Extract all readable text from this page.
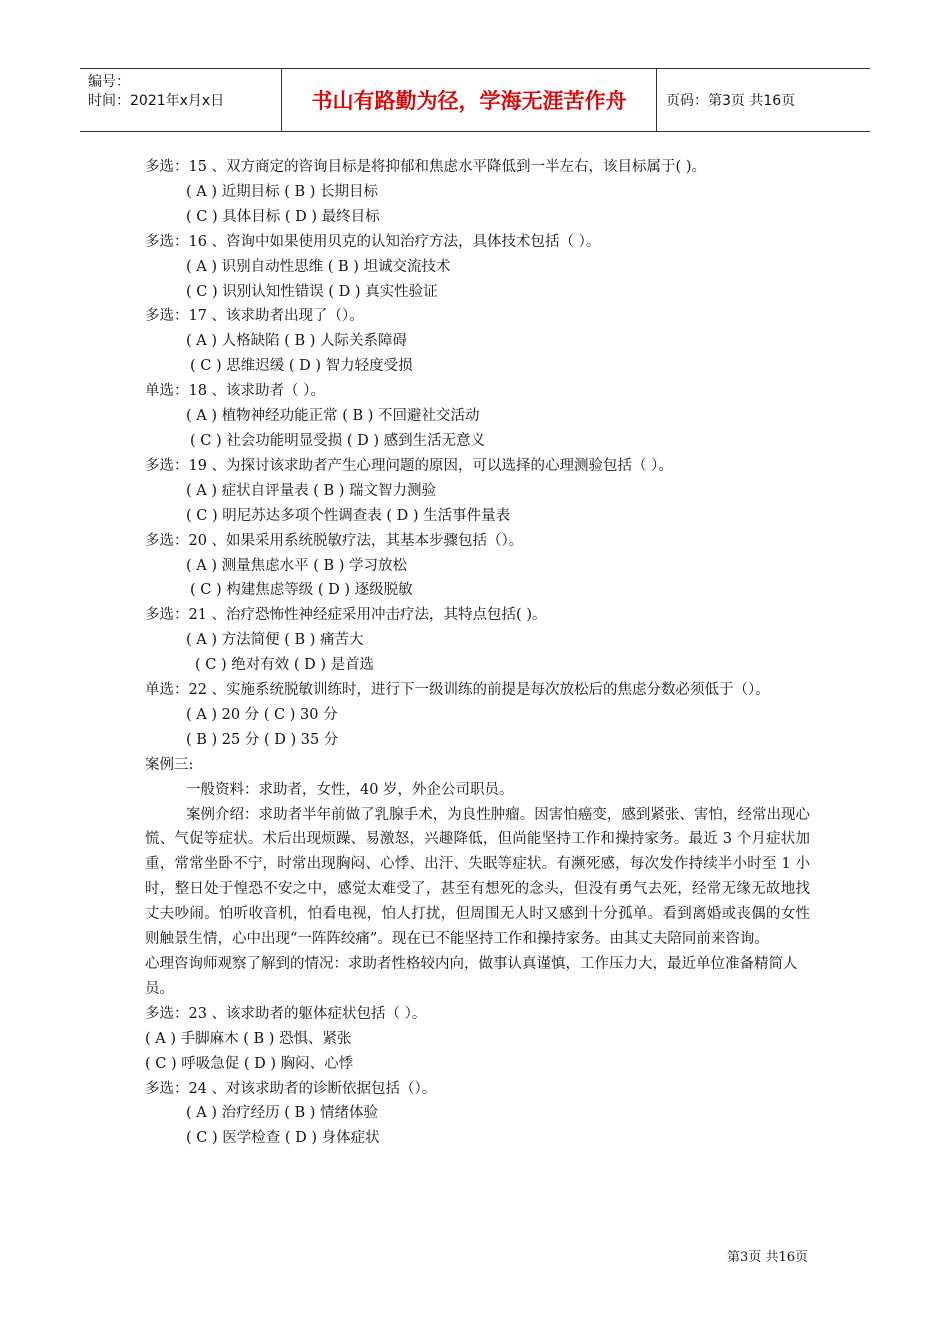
编号：
时间：2021年x月x日	书山有路勤为径，学海无涯苦作舟	页码：第3页 共16页

多选：15 、双方商定的咨询目标是将抑郁和焦虑水平降低到一半左右，该目标属于( )。

( A ) 近期目标 ( B ) 长期目标

( C ) 具体目标 ( D ) 最终目标

多选：16 、咨询中如果使用贝克的认知治疗方法，具体技术包括（ ）。

( A ) 识别自动性思维 ( B ) 坦诚交流技术

( C ) 识别认知性错误 ( D ) 真实性验证

多选：17 、该求助者出现了（）。

( A ) 人格缺陷 ( B ) 人际关系障碍

( C ) 思维迟缓 ( D ) 智力轻度受损

单选：18 、该求助者（ ）。

( A ) 植物神经功能正常 ( B ) 不回避社交活动

( C ) 社会功能明显受损 ( D ) 感到生活无意义

多选：19 、为探讨该求助者产生心理问题的原因，可以选择的心理测验包括（ ）。

( A ) 症状自评量表 ( B ) 瑞文智力测验

( C ) 明尼苏达多项个性调查表 ( D ) 生活事件量表

多选：20 、如果采用系统脱敏疗法，其基本步骤包括（）。

( A ) 测量焦虑水平 ( B ) 学习放松

( C ) 构建焦虑等级 ( D ) 逐级脱敏

多选：21 、治疗恐怖性神经症采用冲击疗法，其特点包括( )。

( A ) 方法简便 ( B ) 痛苦大

( C ) 绝对有效 ( D ) 是首选

单选：22 、实施系统脱敏训练时，进行下一级训练的前提是每次放松后的焦虑分数必须低于（）。

( A ) 20 分 ( C ) 30 分

( B ) 25 分 ( D ) 35 分

案例三:

一般资料：求助者，女性，40 岁，外企公司职员。

案例介绍：求助者半年前做了乳腺手术，为良性肿瘤。因害怕癌变，感到紧张、害怕，经常出现心慌、气促等症状。术后出现烦躁、易激怒，兴趣降低，但尚能坚持工作和操持家务。最近 3 个月症状加重，常常坐卧不宁，时常出现胸闷、心悸、出汗、失眠等症状。有濒死感，每次发作持续半小时至 1 小时，整日处于惶恐不安之中，感觉太难受了，甚至有想死的念头，但没有勇气去死，经常无缘无故地找丈夫吵闹。怕听收音机，怕看电视，怕人打扰，但周围无人时又感到十分孤单。看到离婚或丧偶的女性则触景生情，心中出现“一阵阵绞痛”。现在已不能坚持工作和操持家务。由其丈夫陪同前来咨询。

心理咨询师观察了解到的情况：求助者性格较内向，做事认真谨慎，工作压力大，最近单位准备精简人员。

多选：23 、该求助者的躯体症状包括（ ）。

( A ) 手脚麻木 ( B ) 恐惧、紧张

( C ) 呼吸急促 ( D ) 胸闷、心悸

多选：24 、对该求助者的诊断依据包括（）。

( A ) 治疗经历 ( B ) 情绪体验

( C ) 医学检查 ( D ) 身体症状

第3页 共16页
